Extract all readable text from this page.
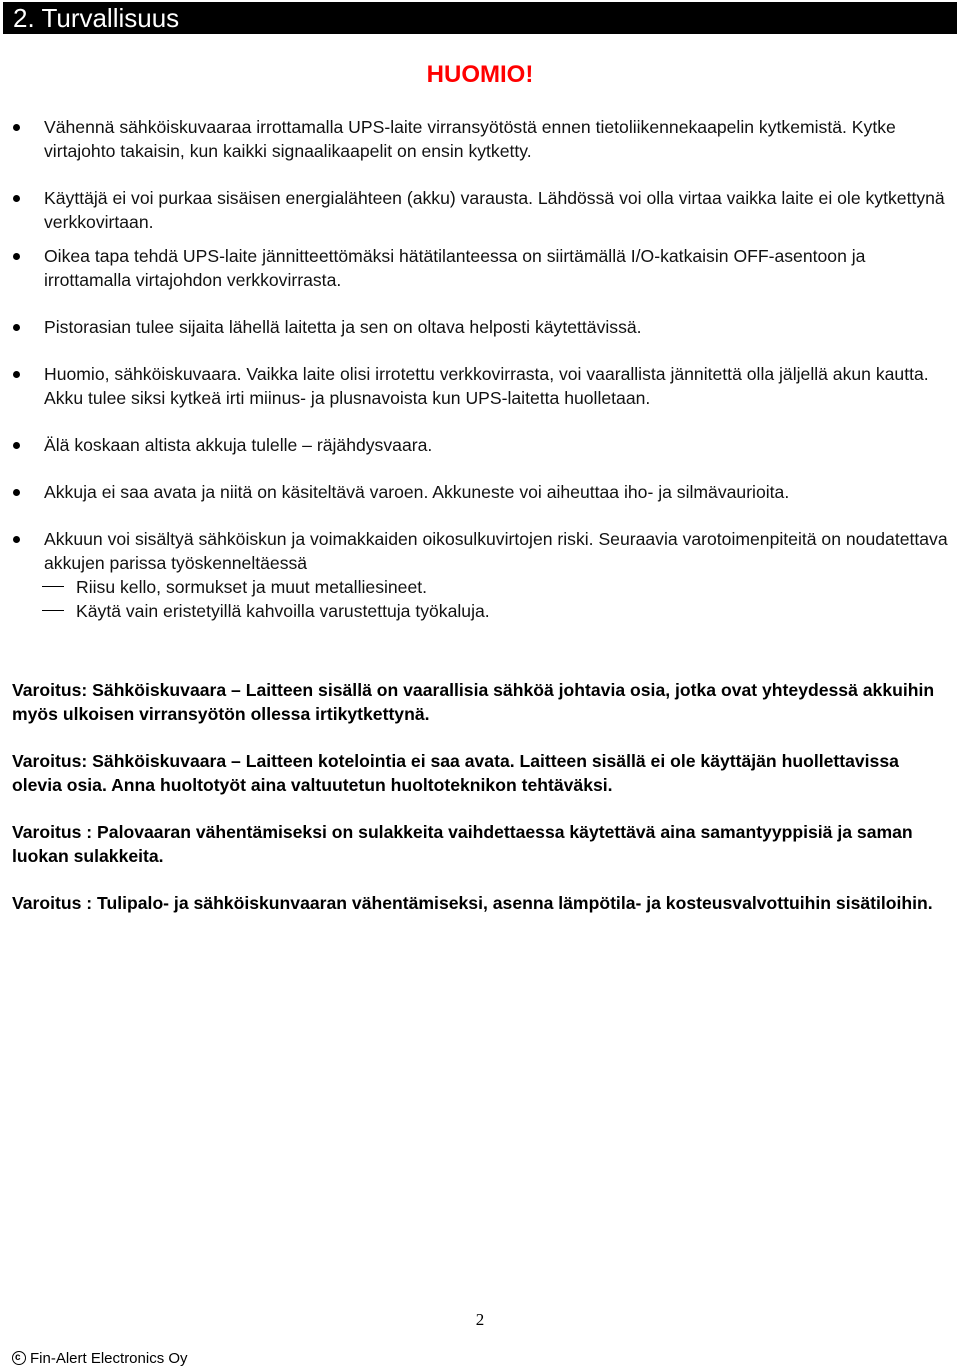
2. Turvallisuus
HUOMIO!
Vähennä sähköiskuvaaraa irrottamalla UPS-laite virransyötöstä ennen tietoliikennekaapelin kytkemistä. Kytke virtajohto takaisin, kun kaikki signaalikaapelit on ensin kytketty.
Käyttäjä ei voi purkaa sisäisen energialähteen (akku) varausta. Lähdössä voi olla virtaa vaikka laite ei ole kytkettynä verkkovirtaan.
Oikea tapa tehdä UPS-laite jännitteettömäksi hätätilanteessa on siirtämällä I/O-katkaisin OFF-asentoon ja irrottamalla virtajohdon verkkovirrasta.
Pistorasian tulee sijaita lähellä laitetta ja sen on oltava helposti käytettävissä.
Huomio, sähköiskuvaara. Vaikka laite olisi irrotettu verkkovirrasta, voi vaarallista jännitettä olla jäljellä akun kautta. Akku tulee siksi kytkeä irti miinus- ja plusnavoista kun UPS-laitetta huolletaan.
Älä koskaan altista akkuja tulelle – räjähdysvaara.
Akkuja ei saa avata ja niitä on käsiteltävä varoen. Akkuneste voi aiheuttaa iho- ja silmävaurioita.
Akkuun voi sisältyä sähköiskun ja voimakkaiden oikosulkuvirtojen riski. Seuraavia varotoimenpiteitä on noudatettava akkujen parissa työskenneltäessä
Riisu kello, sormukset ja muut metalliesineet.
Käytä vain eristetyillä kahvoilla varustettuja työkaluja.
Varoitus: Sähköiskuvaara – Laitteen sisällä on vaarallisia sähköä johtavia osia, jotka ovat yhteydessä akkuihin myös ulkoisen virransyötön ollessa irtikytkettynä.
Varoitus: Sähköiskuvaara – Laitteen kotelointia ei saa avata. Laitteen sisällä ei ole käyttäjän huollettavissa olevia osia. Anna huoltotyöt aina valtuutetun huoltoteknikon tehtäväksi.
Varoitus : Palovaaran vähentämiseksi on sulakkeita vaihdettaessa käytettävä aina samantyyppisiä ja saman luokan sulakkeita.
Varoitus : Tulipalo- ja sähköiskunvaaran vähentämiseksi, asenna lämpötila- ja kosteusvalvottuihin sisätiloihin.
2
cFin-Alert Electronics Oy
